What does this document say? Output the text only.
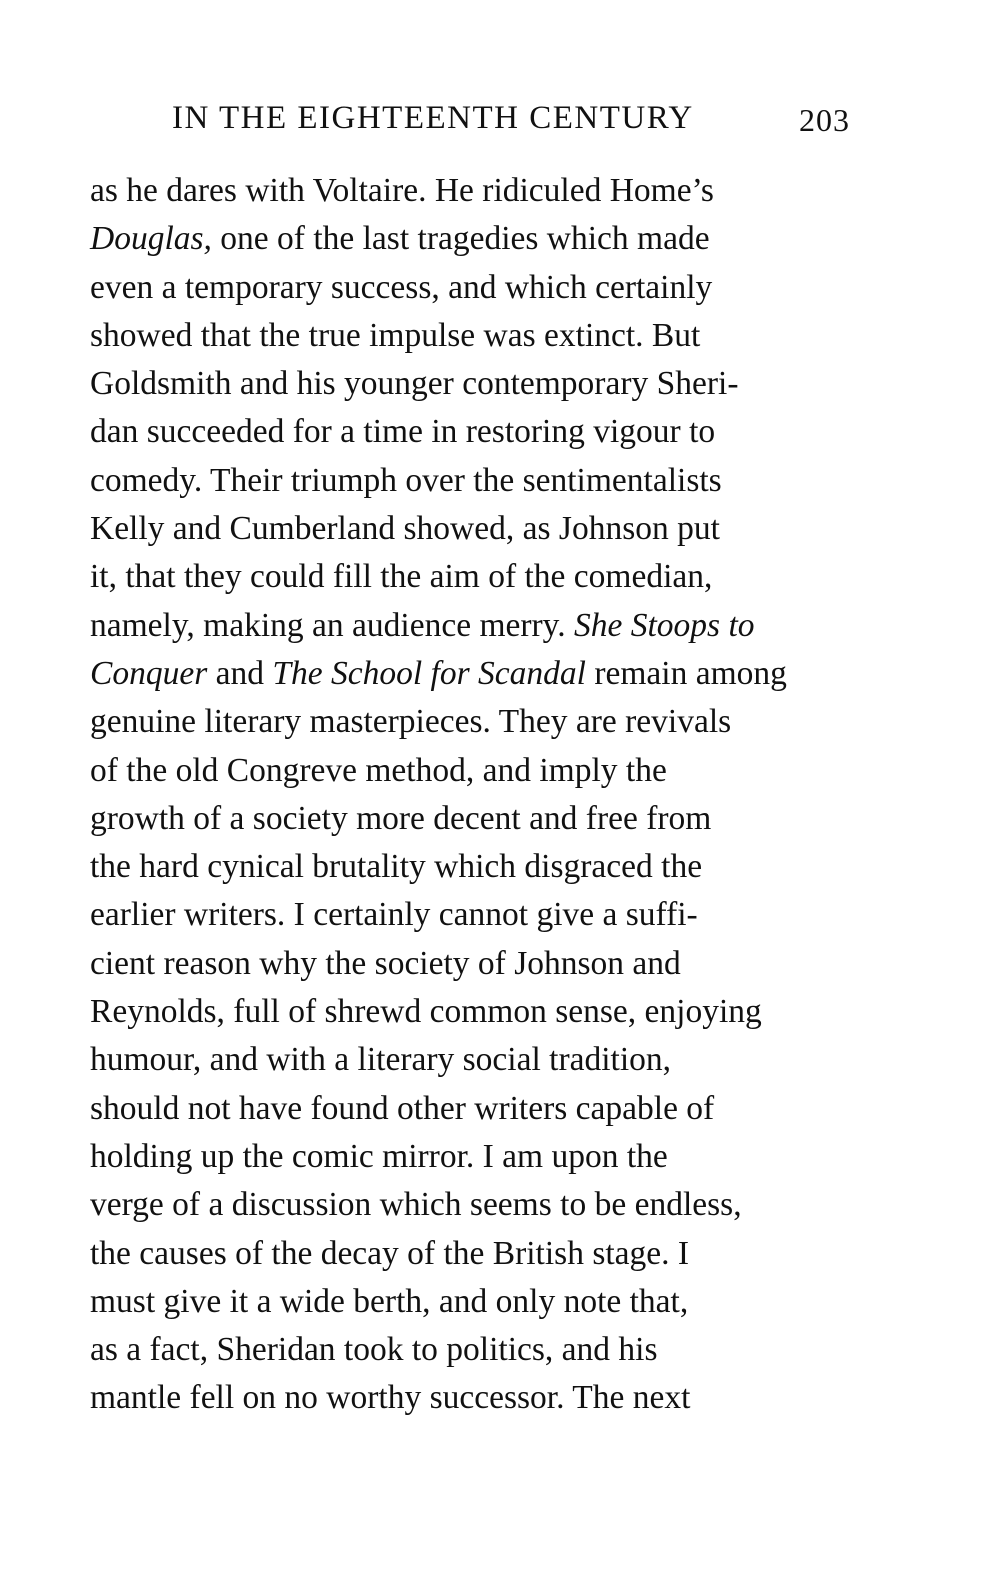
IN THE EIGHTEENTH CENTURY	203
as he dares with Voltaire. He ridiculed Home’s
Douglas, one of the last tragedies which made
even a temporary success, and which certainly
showed that the true impulse was extinct. But
Goldsmith and his younger contemporary Sheri-
dan succeeded for a time in restoring vigour to
comedy. Their triumph over the sentimentalists
Kelly and Cumberland showed, as Johnson put
it, that they could fill the aim of the comedian,
namely, making an audience merry. She Stoops to
Conquer and The School for Scandal remain among
genuine literary masterpieces. They are revivals
of the old Congreve method, and imply the
growth of a society more decent and free from
the hard cynical brutality which disgraced the
earlier writers. I certainly cannot give a suffi-
cient reason why the society of Johnson and
Reynolds, full of shrewd common sense, enjoying
humour, and with a literary social tradition,
should not have found other writers capable of
holding up the comic mirror. I am upon the
verge of a discussion which seems to be endless,
the causes of the decay of the British stage. I
must give it a wide berth, and only note that,
as a fact, Sheridan took to politics, and his
mantle fell on no worthy successor. The next
